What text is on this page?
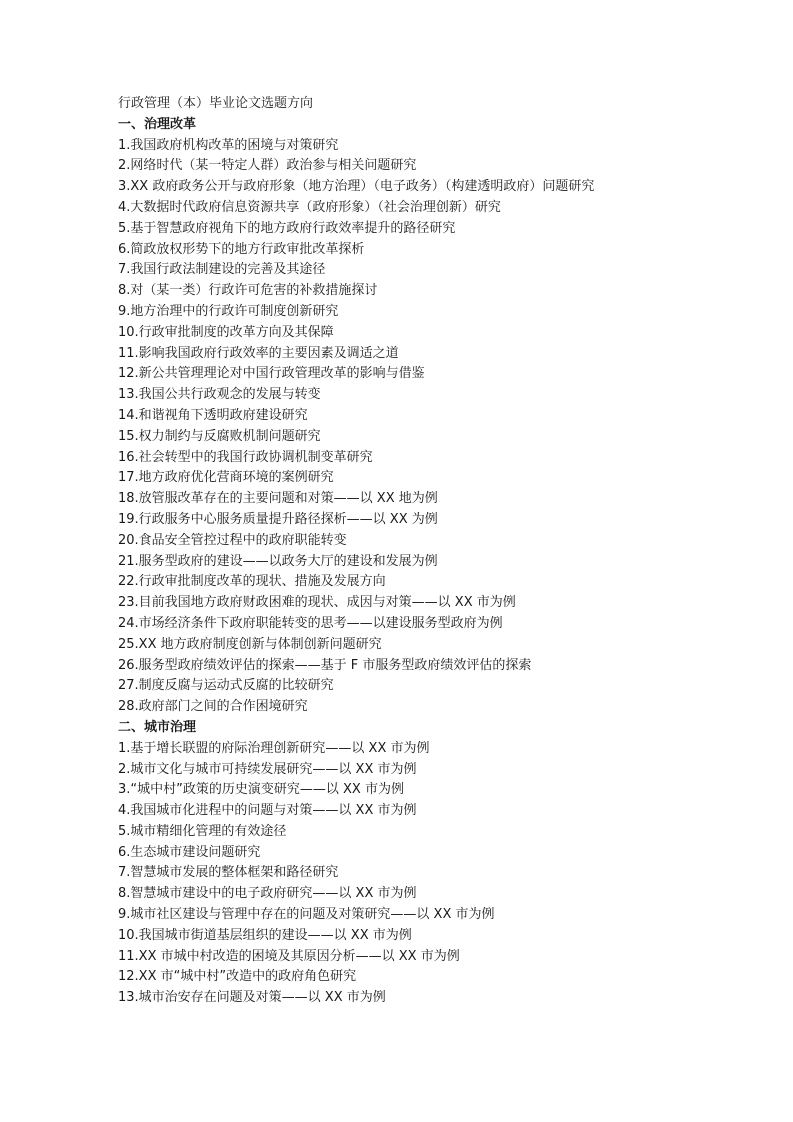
行政管理（本）毕业论文选题方向
一、治理改革
1.我国政府机构改革的困境与对策研究
2.网络时代（某一特定人群）政治参与相关问题研究
3.XX 政府政务公开与政府形象（地方治理）（电子政务）（构建透明政府）问题研究
4.大数据时代政府信息资源共享（政府形象）（社会治理创新）研究
5.基于智慧政府视角下的地方政府行政效率提升的路径研究
6.简政放权形势下的地方行政审批改革探析
7.我国行政法制建设的完善及其途径
8.对（某一类）行政许可危害的补救措施探讨
9.地方治理中的行政许可制度创新研究
10.行政审批制度的改革方向及其保障
11.影响我国政府行政效率的主要因素及调适之道
12.新公共管理理论对中国行政管理改革的影响与借鉴
13.我国公共行政观念的发展与转变
14.和谐视角下透明政府建设研究
15.权力制约与反腐败机制问题研究
16.社会转型中的我国行政协调机制变革研究
17.地方政府优化营商环境的案例研究
18.放管服改革存在的主要问题和对策——以 XX 地为例
19.行政服务中心服务质量提升路径探析——以 XX 为例
20.食品安全管控过程中的政府职能转变
21.服务型政府的建设——以政务大厅的建设和发展为例
22.行政审批制度改革的现状、措施及发展方向
23.目前我国地方政府财政困难的现状、成因与对策——以 XX 市为例
24.市场经济条件下政府职能转变的思考——以建设服务型政府为例
25.XX 地方政府制度创新与体制创新问题研究
26.服务型政府绩效评估的探索——基于 F 市服务型政府绩效评估的探索
27.制度反腐与运动式反腐的比较研究
28.政府部门之间的合作困境研究
二、城市治理
1.基于增长联盟的府际治理创新研究——以 XX 市为例
2.城市文化与城市可持续发展研究——以 XX 市为例
3.“城中村”政策的历史演变研究——以 XX 市为例
4.我国城市化进程中的问题与对策——以 XX 市为例
5.城市精细化管理的有效途径
6.生态城市建设问题研究
7.智慧城市发展的整体框架和路径研究
8.智慧城市建设中的电子政府研究——以 XX 市为例
9.城市社区建设与管理中存在的问题及对策研究——以 XX 市为例
10.我国城市街道基层组织的建设——以 XX 市为例
11.XX 市城中村改造的困境及其原因分析——以 XX 市为例
12.XX 市“城中村”改造中的政府角色研究
13.城市治安存在问题及对策——以 XX 市为例
